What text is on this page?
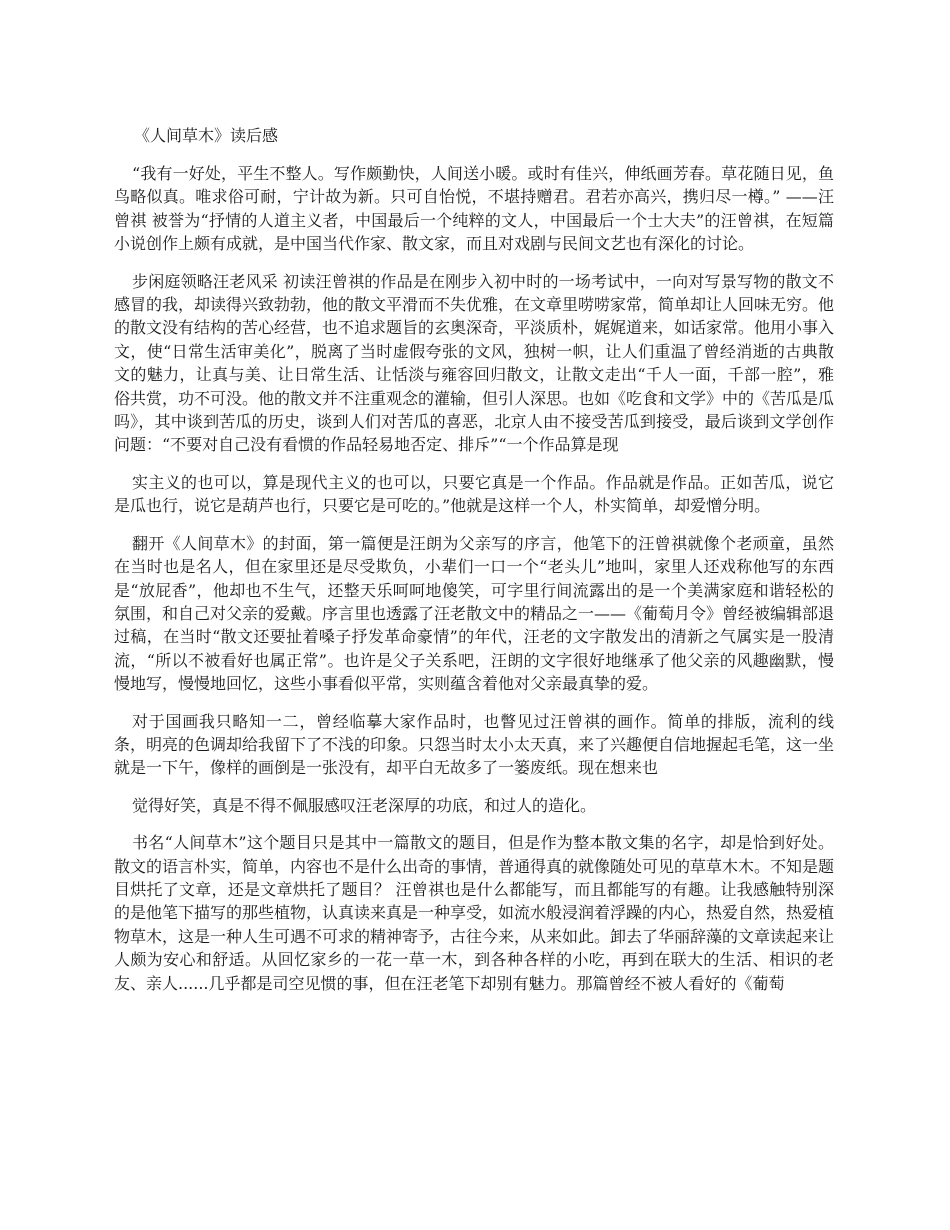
《人间草木》读后感

“我有一好处，平生不整人。写作颇勤快，人间送小暖。或时有佳兴，伸纸画芳春。草花随日见，鱼鸟略似真。唯求俗可耐，宁计故为新。只可自怡悦，不堪持赠君。君若亦高兴，携归尽一樽。” ——汪曾祺 被誉为“抒情的人道主义者，中国最后一个纯粹的文人，中国最后一个士大夫”的汪曾祺，在短篇小说创作上颇有成就，是中国当代作家、散文家，而且对戏剧与民间文艺也有深化的讨论。

步闲庭领略汪老风采 初读汪曾祺的作品是在刚步入初中时的一场考试中，一向对写景写物的散文不感冒的我，却读得兴致勃勃，他的散文平滑而不失优雅，在文章里唠唠家常，简单却让人回味无穷。他的散文没有结构的苦心经营，也不追求题旨的玄奥深奇，平淡质朴，娓娓道来，如话家常。他用小事入文，使“日常生活审美化”，脱离了当时虚假夸张的文风，独树一帜，让人们重温了曾经消逝的古典散文的魅力，让真与美、让日常生活、让恬淡与雍容回归散文，让散文走出“千人一面，千部一腔”，雅俗共赏，功不可没。他的散文并不注重观念的灌输，但引人深思。也如《吃食和文学》中的《苦瓜是瓜吗》，其中谈到苦瓜的历史，谈到人们对苦瓜的喜恶，北京人由不接受苦瓜到接受，最后谈到文学创作问题：“不要对自己没有看惯的作品轻易地否定、排斥”“一个作品算是现

实主义的也可以，算是现代主义的也可以，只要它真是一个作品。作品就是作品。正如苦瓜，说它是瓜也行，说它是葫芦也行，只要它是可吃的。”他就是这样一个人，朴实简单，却爱憎分明。

翻开《人间草木》的封面，第一篇便是汪朗为父亲写的序言，他笔下的汪曾祺就像个老顽童，虽然在当时也是名人，但在家里还是尽受欺负，小辈们一口一个“老头儿”地叫，家里人还戏称他写的东西是“放屁香”，他却也不生气，还整天乐呵呵地傻笑，可字里行间流露出的是一个美满家庭和谐轻松的氛围，和自己对父亲的爱戴。序言里也透露了汪老散文中的精品之一——《葡萄月令》曾经被编辑部退过稿，在当时“散文还要扯着嗓子抒发革命豪情”的年代，汪老的文字散发出的清新之气属实是一股清流，“所以不被看好也属正常”。也许是父子关系吧，汪朗的文字很好地继承了他父亲的风趣幽默，慢慢地写，慢慢地回忆，这些小事看似平常，实则蕴含着他对父亲最真挚的爱。

对于国画我只略知一二，曾经临摹大家作品时，也瞥见过汪曾祺的画作。简单的排版，流利的线条，明亮的色调却给我留下了不浅的印象。只怨当时太小太天真，来了兴趣便自信地握起毛笔，这一坐就是一下午，像样的画倒是一张没有，却平白无故多了一篓废纸。现在想来也

觉得好笑，真是不得不佩服感叹汪老深厚的功底，和过人的造化。

书名“人间草木”这个题目只是其中一篇散文的题目，但是作为整本散文集的名字，却是恰到好处。散文的语言朴实，简单，内容也不是什么出奇的事情，普通得真的就像随处可见的草草木木。不知是题目烘托了文章，还是文章烘托了题目？ 汪曾祺也是什么都能写，而且都能写的有趣。让我感触特别深的是他笔下描写的那些植物，认真读来真是一种享受，如流水般浸润着浮躁的内心，热爱自然，热爱植物草木，这是一种人生可遇不可求的精神寄予，古往今来，从来如此。卸去了华丽辞藻的文章读起来让人颇为安心和舒适。从回忆家乡的一花一草一木，到各种各样的小吃，再到在联大的生活、相识的老友、亲人......几乎都是司空见惯的事，但在汪老笔下却别有魅力。那篇曾经不被人看好的《葡萄
